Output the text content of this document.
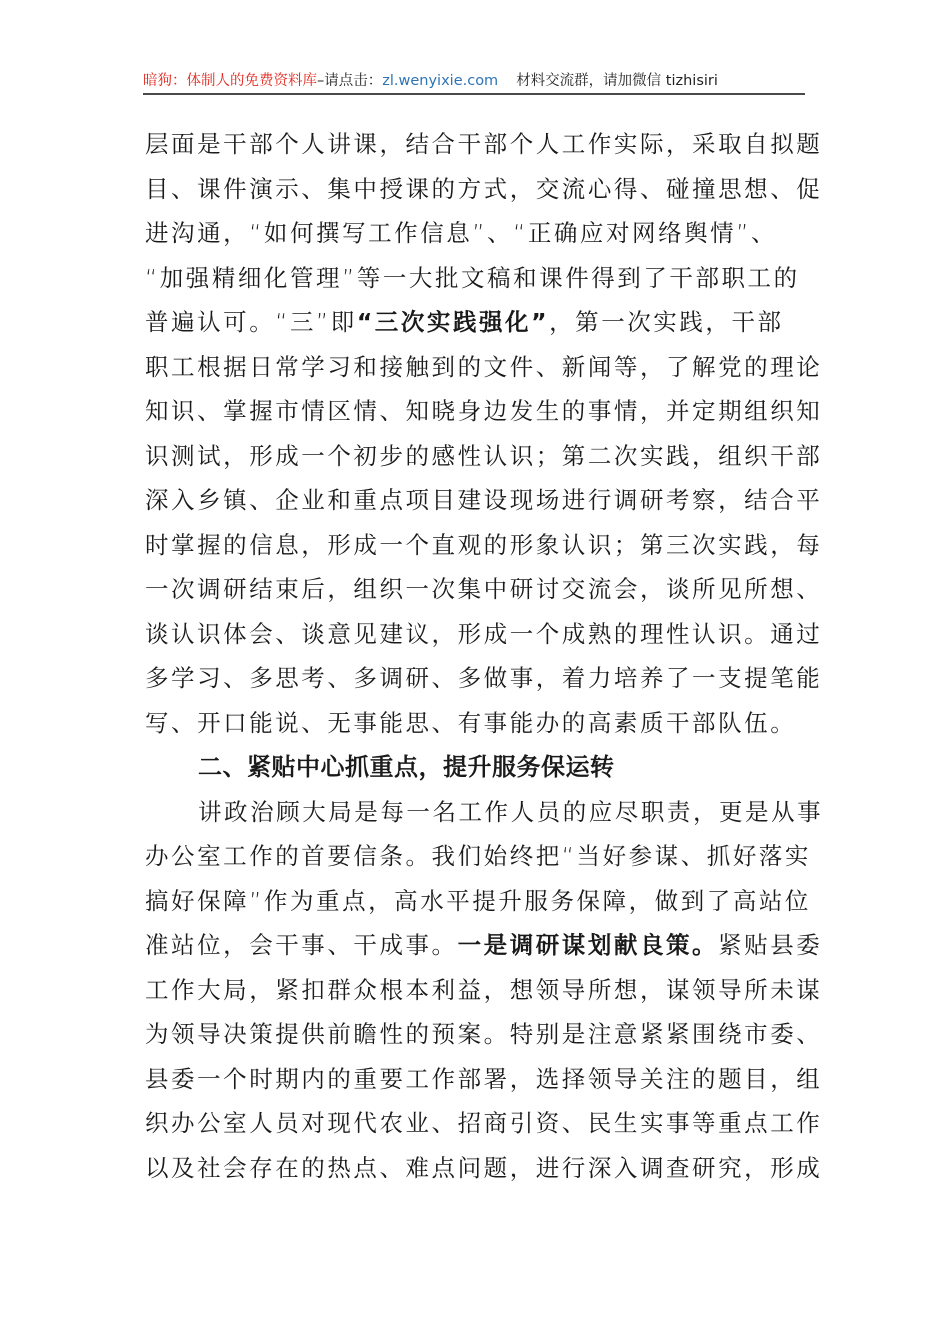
暗狗：体制人的免费资料库–请点击：zl.wenyixie.com 材料交流群，请加微信 tizhisiri
层面是干部个人讲课，结合干部个人工作实际，采取自拟题
目、课件演示、集中授课的方式，交流心得、碰撞思想、促
进沟通，“如何撰写工作信息”、“正确应对网络舆情”、
“加强精细化管理”等一大批文稿和课件得到了干部职工的
普遍认可。“三”即“三次实践强化”，第一次实践，干部
职工根据日常学习和接触到的文件、新闻等，了解党的理论
知识、掌握市情区情、知晓身边发生的事情，并定期组织知
识测试，形成一个初步的感性认识；第二次实践，组织干部
深入乡镇、企业和重点项目建设现场进行调研考察，结合平
时掌握的信息，形成一个直观的形象认识；第三次实践，每
一次调研结束后，组织一次集中研讨交流会，谈所见所想、
谈认识体会、谈意见建议，形成一个成熟的理性认识。通过
多学习、多思考、多调研、多做事，着力培养了一支提笔能
写、开口能说、无事能思、有事能办的高素质干部队伍。
二、紧贴中心抓重点，提升服务保运转
讲政治顾大局是每一名工作人员的应尽职责，更是从事
办公室工作的首要信条。我们始终把“当好参谋、抓好落实
搞好保障”作为重点，高水平提升服务保障，做到了高站位
准站位，会干事、干成事。一是调研谋划献良策。紧贴县委
工作大局，紧扣群众根本利益，想领导所想，谋领导所未谋
为领导决策提供前瞻性的预案。特别是注意紧紧围绕市委、
县委一个时期内的重要工作部署，选择领导关注的题目，组
织办公室人员对现代农业、招商引资、民生实事等重点工作
以及社会存在的热点、难点问题，进行深入调查研究，形成
